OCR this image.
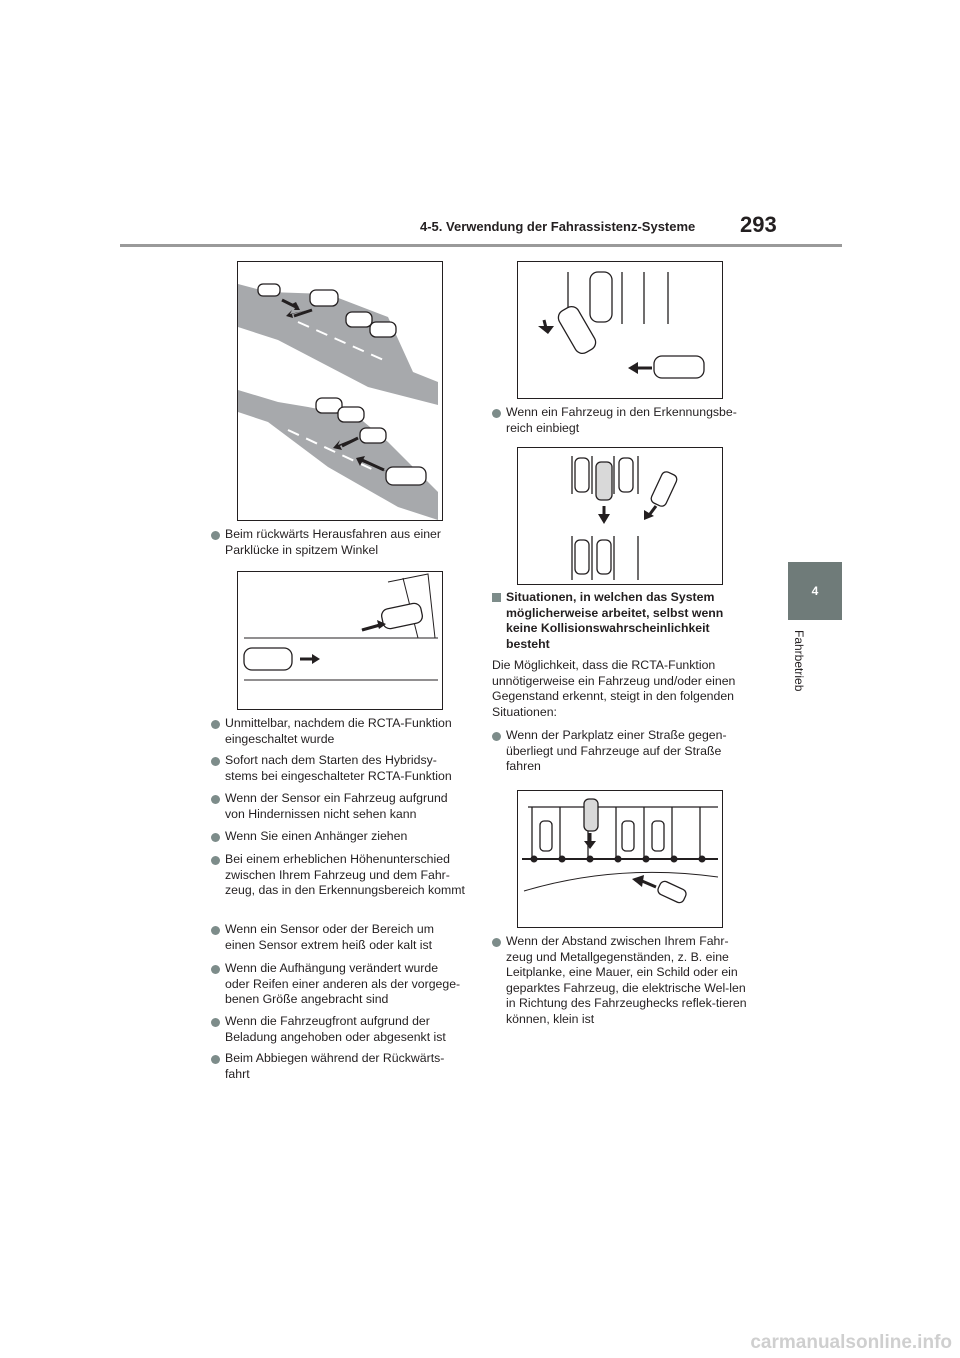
4-5. Verwendung der Fahrassistenz-Systeme 293
4
Fahrbetrieb
Beim rückwärts Herausfahren aus einer Parklücke in spitzem Winkel
Unmittelbar, nachdem die RCTA-Funktion eingeschaltet wurde
Sofort nach dem Starten des Hybridsy-stems bei eingeschalteter RCTA-Funktion
Wenn der Sensor ein Fahrzeug aufgrund von Hindernissen nicht sehen kann
Wenn Sie einen Anhänger ziehen
Bei einem erheblichen Höhenunterschied zwischen Ihrem Fahrzeug und dem Fahr-zeug, das in den Erkennungsbereich kommt
Wenn ein Sensor oder der Bereich um einen Sensor extrem heiß oder kalt ist
Wenn die Aufhängung verändert wurde oder Reifen einer anderen als der vorgege-benen Größe angebracht sind
Wenn die Fahrzeugfront aufgrund der Beladung angehoben oder abgesenkt ist
Beim Abbiegen während der Rückwärts-fahrt
Wenn ein Fahrzeug in den Erkennungsbe-reich einbiegt
Situationen, in welchen das System möglicherweise arbeitet, selbst wenn keine Kollisionswahrscheinlichkeit besteht
Die Möglichkeit, dass die RCTA-Funktion unnötigerweise ein Fahrzeug und/oder einen Gegenstand erkennt, steigt in den folgenden Situationen:
Wenn der Parkplatz einer Straße gegen-überliegt und Fahrzeuge auf der Straße fahren
Wenn der Abstand zwischen Ihrem Fahr-zeug und Metallgegenständen, z. B. eine Leitplanke, eine Mauer, ein Schild oder ein geparktes Fahrzeug, die elektrische Wel-len in Richtung des Fahrzeughecks reflek-tieren können, klein ist
carmanualsonline.info
